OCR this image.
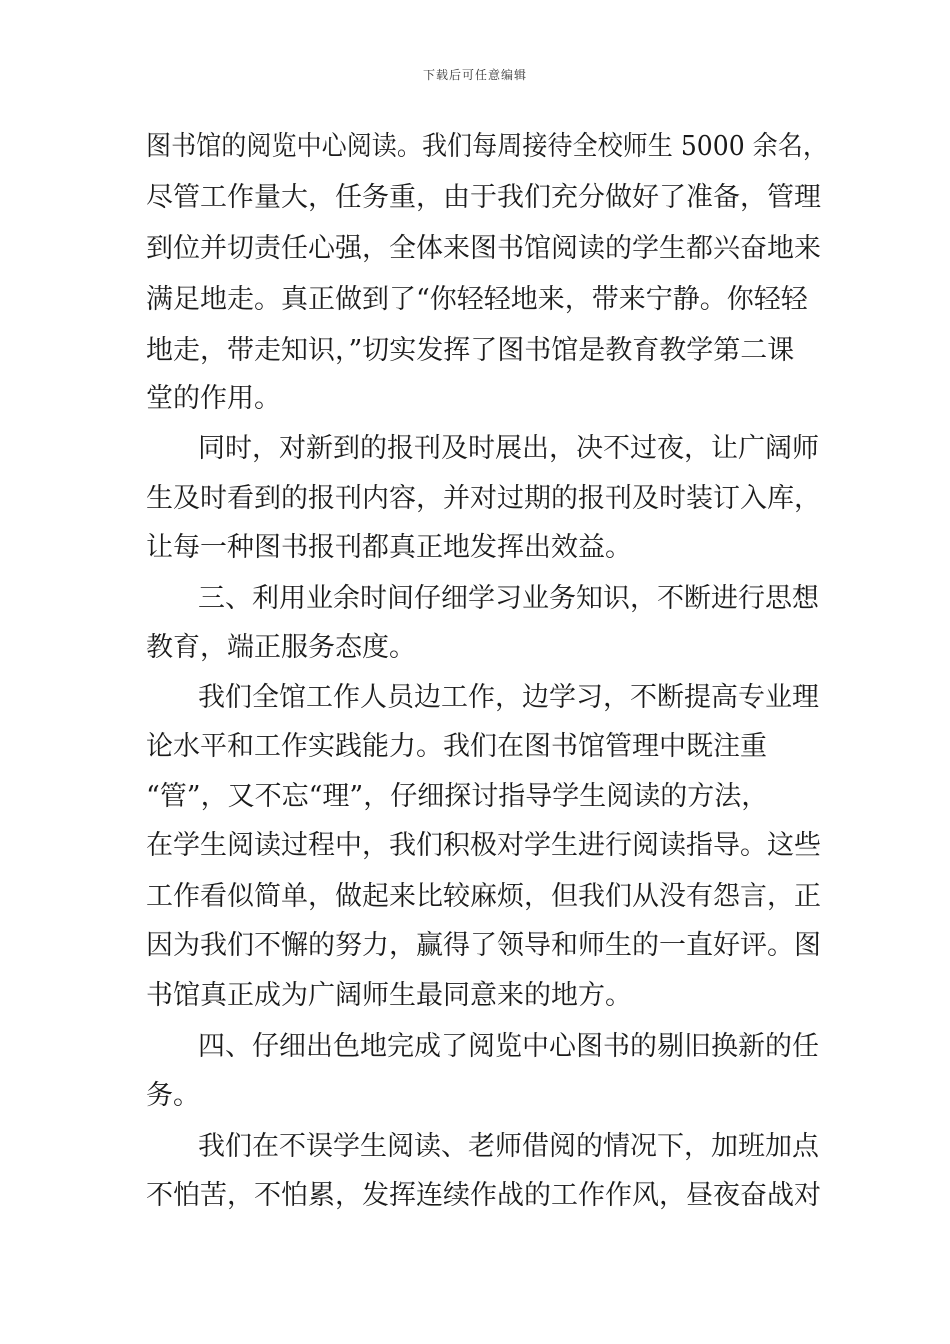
下载后可任意编辑
图书馆的阅览中心阅读。我们每周接待全校师生 5000 余名，
尽管工作量大，任务重，由于我们充分做好了准备，管理
到位并切责任心强，全体来图书馆阅读的学生都兴奋地来
满足地走。真正做到了“你轻轻地来，带来宁静。你轻轻
地走，带走知识，”切实发挥了图书馆是教育教学第二课
堂的作用。
同时，对新到的报刊及时展出，决不过夜，让广阔师
生及时看到的报刊内容，并对过期的报刊及时装订入库，
让每一种图书报刊都真正地发挥出效益。
三、利用业余时间仔细学习业务知识，不断进行思想
教育，端正服务态度。
我们全馆工作人员边工作，边学习，不断提高专业理
论水平和工作实践能力。我们在图书馆管理中既注重
“管”，又不忘“理”，仔细探讨指导学生阅读的方法，
在学生阅读过程中，我们积极对学生进行阅读指导。这些
工作看似简单，做起来比较麻烦，但我们从没有怨言，正
因为我们不懈的努力，赢得了领导和师生的一直好评。图
书馆真正成为广阔师生最同意来的地方。
四、仔细出色地完成了阅览中心图书的剔旧换新的任
务。
我们在不误学生阅读、老师借阅的情况下，加班加点
不怕苦，不怕累，发挥连续作战的工作作风，昼夜奋战对
